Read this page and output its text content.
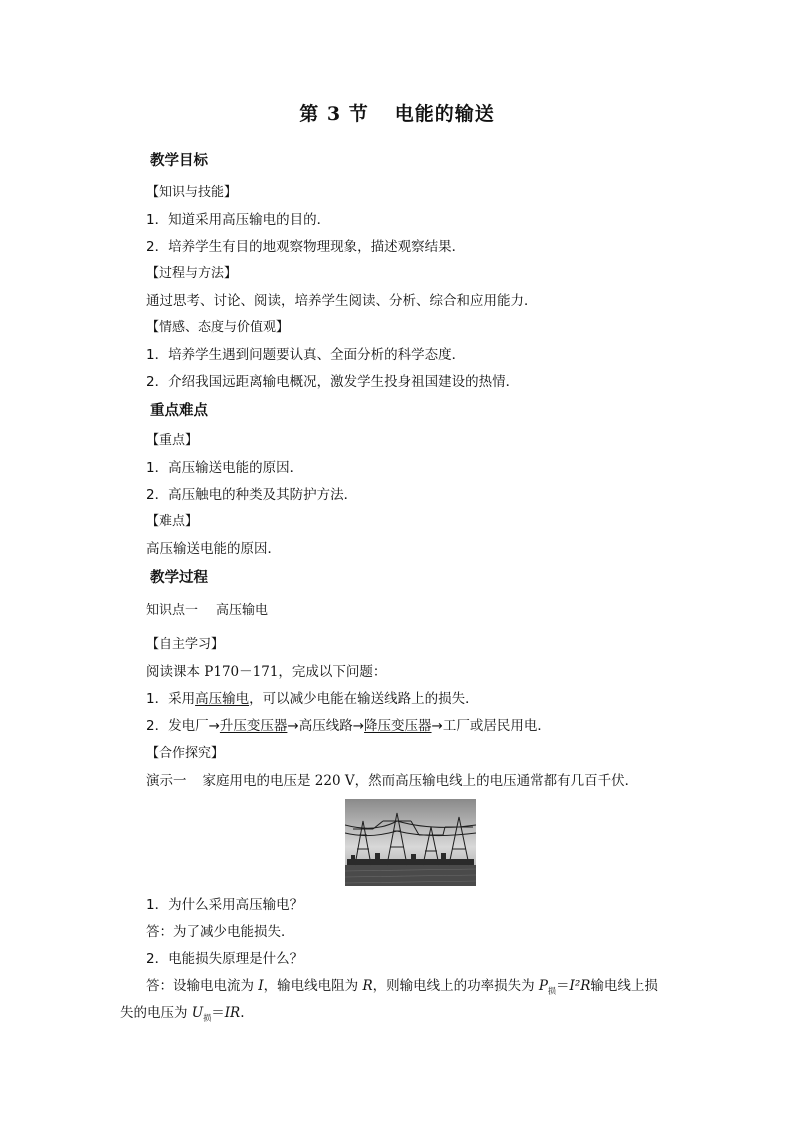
第 3 节 电能的输送
教学目标
【知识与技能】
1．知道采用高压输电的目的．
2．培养学生有目的地观察物理现象，描述观察结果．
【过程与方法】
通过思考、讨论、阅读，培养学生阅读、分析、综合和应用能力．
【情感、态度与价值观】
1．培养学生遇到问题要认真、全面分析的科学态度．
2．介绍我国远距离输电概况，激发学生投身祖国建设的热情．
重点难点
【重点】
1．高压输送电能的原因．
2．高压触电的种类及其防护方法．
【难点】
高压输送电能的原因．
教学过程
知识点一 高压输电
【自主学习】
阅读课本 P170－171，完成以下问题：
1．采用高压输电，可以减少电能在输送线路上的损失．
2．发电厂→升压变压器→高压线路→降压变压器→工厂或居民用电．
【合作探究】
演示一 家庭用电的电压是 220 V，然而高压输电线上的电压通常都有几百千伏．
1．为什么采用高压输电？
答：为了减少电能损失．
2．电能损失原理是什么？
答：设输电电流为 I，输电线电阻为 R，则输电线上的功率损失为 $P_损=I^2R$输电线上损
失的电压为 $U_损=IR$.
